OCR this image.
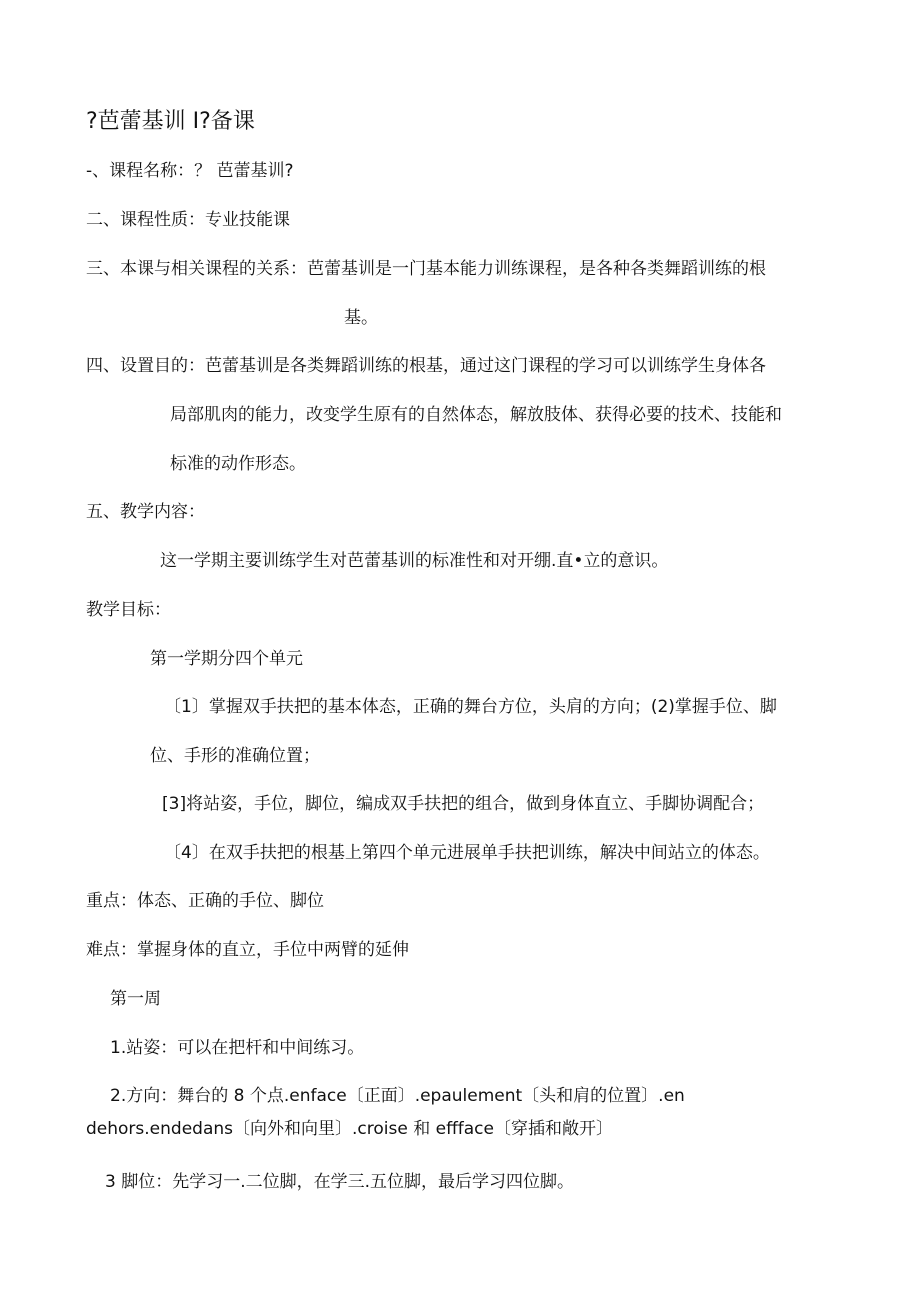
?芭蕾基训 I?备课
-、课程名称：？ 芭蕾基训?
二、课程性质：专业技能课
三、本课与相关课程的关系：芭蕾基训是一门基本能力训练课程，是各种各类舞蹈训练的根
基。
四、设置目的：芭蕾基训是各类舞蹈训练的根基，通过这门课程的学习可以训练学生身体各
局部肌肉的能力，改变学生原有的自然体态，解放肢体、获得必要的技术、技能和
标准的动作形态。
五、教学内容：
这一学期主要训练学生对芭蕾基训的标准性和对开绷.直•立的意识。
教学目标：
第一学期分四个单元
〔1〕掌握双手扶把的基本体态，正确的舞台方位，头肩的方向；(2)掌握手位、脚
位、手形的准确位置；
[3]将站姿，手位，脚位，编成双手扶把的组合，做到身体直立、手脚协调配合；
〔4〕在双手扶把的根基上第四个单元进展单手扶把训练，解决中间站立的体态。
重点：体态、正确的手位、脚位
难点：掌握身体的直立，手位中两臂的延伸
第一周
1.站姿：可以在把杆和中间练习。
2.方向：舞台的 8 个点.enface〔正面〕.epaulement〔头和肩的位置〕.en
dehors.endedans〔向外和向里〕.croise 和 effface〔穿插和敞开〕
3 脚位：先学习一.二位脚，在学三.五位脚，最后学习四位脚。
